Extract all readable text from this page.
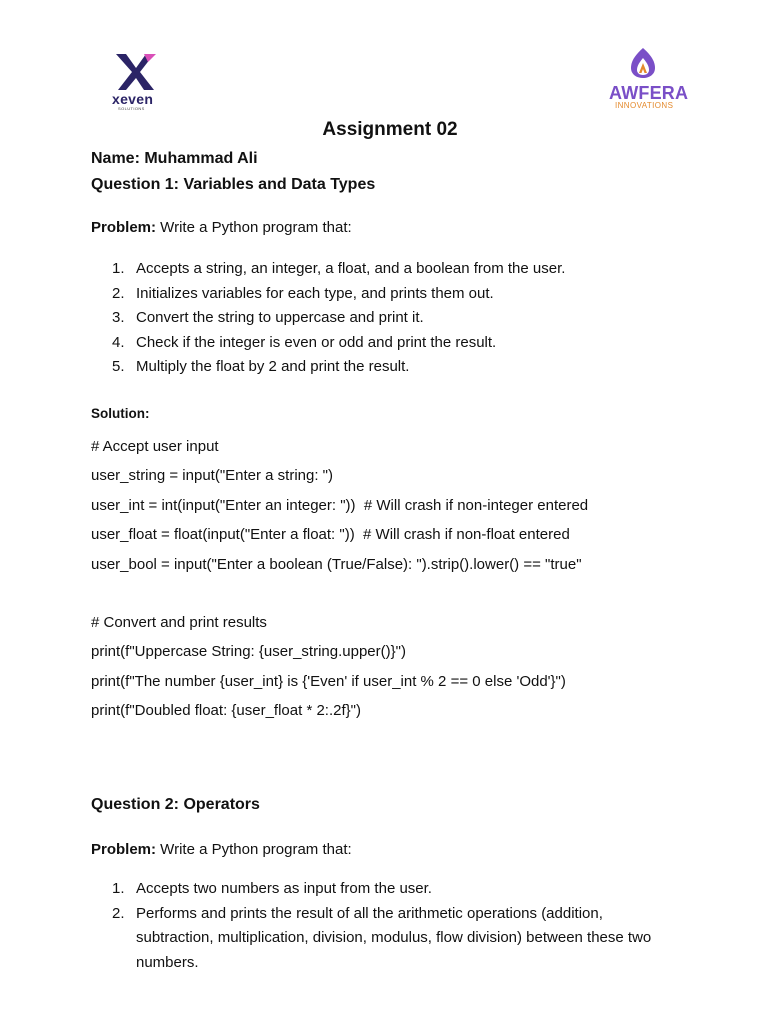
xeven
SOLUTIONS
AWFERA
INNOVATIONS
Assignment 02
Name: Muhammad Ali
Question 1: Variables and Data Types
Problem: Write a Python program that:
1. Accepts a string, an integer, a float, and a boolean from the user.
2. Initializes variables for each type, and prints them out.
3. Convert the string to uppercase and print it.
4. Check if the integer is even or odd and print the result.
5. Multiply the float by 2 and print the result.
Solution:
# Accept user input
user_string = input("Enter a string: ")
user_int = int(input("Enter an integer: "))  # Will crash if non-integer entered
user_float = float(input("Enter a float: "))  # Will crash if non-float entered
user_bool = input("Enter a boolean (True/False): ").strip().lower() == "true"
# Convert and print results
print(f"Uppercase String: {user_string.upper()}")
print(f"The number {user_int} is {'Even' if user_int % 2 == 0 else 'Odd'}")
print(f"Doubled float: {user_float * 2:.2f}")
Question 2: Operators
Problem: Write a Python program that:
1. Accepts two numbers as input from the user.
2. Performs and prints the result of all the arithmetic operations (addition, subtraction, multiplication, division, modulus, flow division) between these two numbers.
